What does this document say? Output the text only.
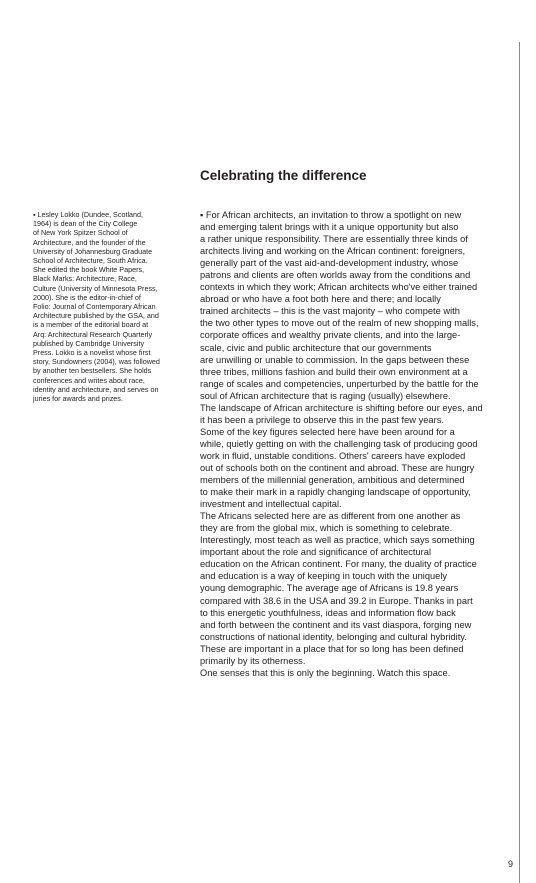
Celebrating the difference
▪ Lesley Lokko (Dundee, Scotland,
1964) is dean of the City College
of New York Spitzer School of
Architecture, and the founder of the
University of Johannesburg Graduate
School of Architecture, South Africa.
She edited the book White Papers,
Black Marks: Architecture, Race,
Culture (University of Minnesota Press,
2000). She is the editor-in-chief of
Folio: Journal of Contemporary African
Architecture published by the GSA, and
is a member of the editorial board at
Arq: Architectural Research Quarterly
published by Cambridge University
Press. Lokko is a novelist whose first
story, Sundowners (2004), was followed
by another ten bestsellers. She holds
conferences and writes about race,
identity and architecture, and serves on
juries for awards and prizes.
▪ For African architects, an invitation to throw a spotlight on new
and emerging talent brings with it a unique opportunity but also
a rather unique responsibility. There are essentially three kinds of
architects living and working on the African continent: foreigners,
generally part of the vast aid-and-development industry, whose
patrons and clients are often worlds away from the conditions and
contexts in which they work; African architects who've either trained
abroad or who have a foot both here and there; and locally
trained architects – this is the vast majority – who compete with
the two other types to move out of the realm of new shopping malls,
corporate offices and wealthy private clients, and into the large-
scale, civic and public architecture that our governments
are unwilling or unable to commission. In the gaps between these
three tribes, millions fashion and build their own environment at a
range of scales and competencies, unperturbed by the battle for the
soul of African architecture that is raging (usually) elsewhere.
The landscape of African architecture is shifting before our eyes, and
it has been a privilege to observe this in the past few years.
Some of the key figures selected here have been around for a
while, quietly getting on with the challenging task of producing good
work in fluid, unstable conditions. Others' careers have exploded
out of schools both on the continent and abroad. These are hungry
members of the millennial generation, ambitious and determined
to make their mark in a rapidly changing landscape of opportunity,
investment and intellectual capital.
The Africans selected here are as different from one another as
they are from the global mix, which is something to celebrate.
Interestingly, most teach as well as practice, which says something
important about the role and significance of architectural
education on the African continent. For many, the duality of practice
and education is a way of keeping in touch with the uniquely
young demographic. The average age of Africans is 19.8 years
compared with 38.6 in the USA and 39.2 in Europe. Thanks in part
to this energetic youthfulness, ideas and information flow back
and forth between the continent and its vast diaspora, forging new
constructions of national identity, belonging and cultural hybridity.
These are important in a place that for so long has been defined
primarily by its otherness.
One senses that this is only the beginning. Watch this space.
9
